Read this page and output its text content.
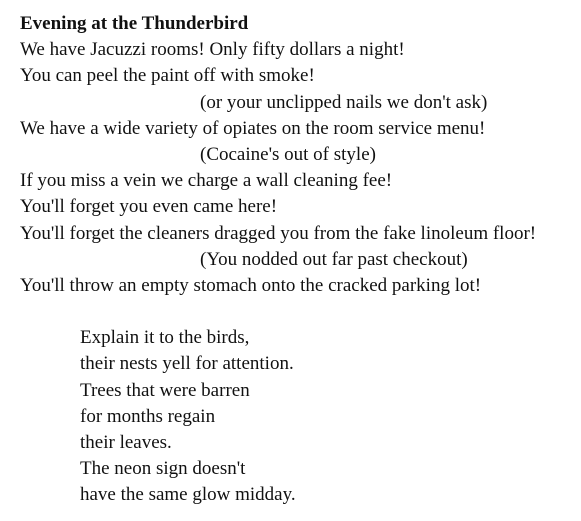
Evening at the Thunderbird
We have Jacuzzi rooms! Only fifty dollars a night!
You can peel the paint off with smoke!
(or your unclipped nails we don't ask)
We have a wide variety of opiates on the room service menu!
(Cocaine's out of style)
If you miss a vein we charge a wall cleaning fee!
You'll forget you even came here!
You'll forget the cleaners dragged you from the fake linoleum floor!
(You nodded out far past checkout)
You'll throw an empty stomach onto the cracked parking lot!
Explain it to the birds,
their nests yell for attention.
Trees that were barren
for months regain
their leaves.
The neon sign doesn't
have the same glow midday.
